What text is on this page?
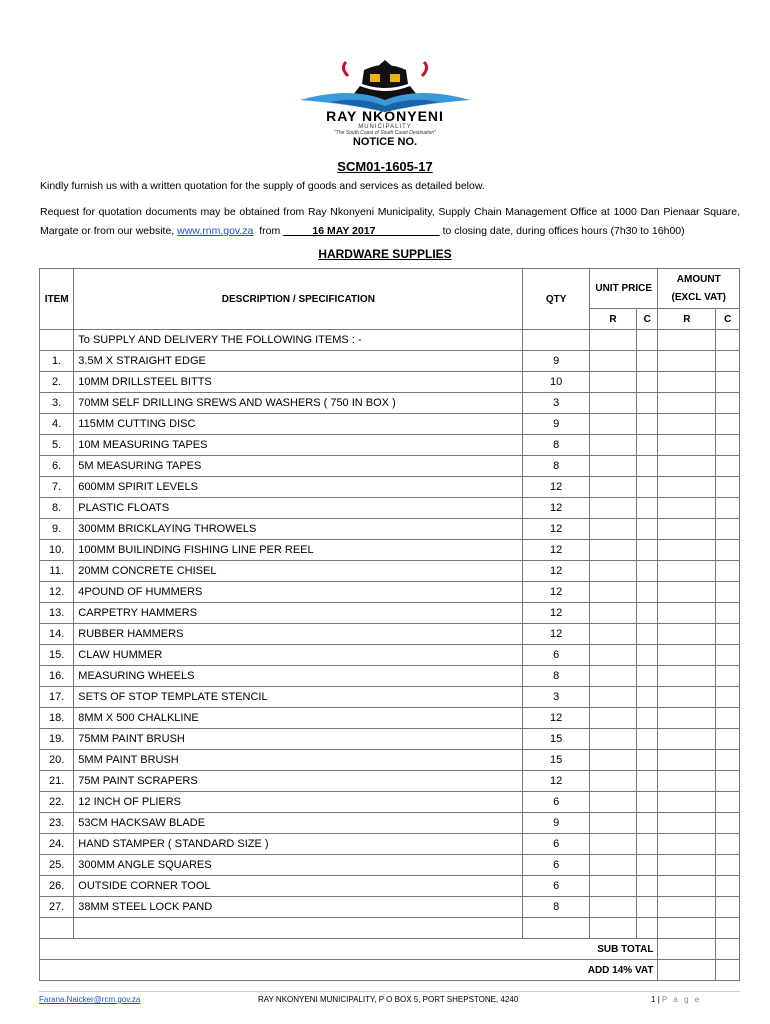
RAY NKONYENI
MUNICIPALITY
"The South Coast of South Coast Destination"
NOTICE NO.
SCM01-1605-17
Kindly furnish us with a written quotation for the supply of goods and services as detailed below.
Request for quotation documents may be obtained from Ray Nkonyeni Municipality, Supply Chain Management Office at 1000 Dan Pienaar Square, Margate or from our website, www.rnm.gov.za from _____16 MAY 2017___________ to closing date, during offices hours (7h30 to 16h00)
HARDWARE SUPPLIES
ITEM	DESCRIPTION / SPECIFICATION	QTY	UNIT PRICE		AMOUNT (EXCL VAT)	
			R	C	R	C
	To SUPPLY AND DELIVERY THE FOLLOWING ITEMS : -					
1.	3.5M X STRAIGHT EDGE	9				
2.	10MM DRILLSTEEL BITTS	10				
3.	70MM SELF DRILLING SREWS AND WASHERS ( 750 IN BOX )	3				
4.	115MM CUTTING DISC	9				
5.	10M MEASURING TAPES	8				
6.	5M MEASURING TAPES	8				
7.	600MM SPIRIT LEVELS	12				
8.	PLASTIC FLOATS	12				
9.	300MM BRICKLAYING THROWELS	12				
10.	100MM BUILINDING FISHING LINE PER REEL	12				
11.	20MM CONCRETE CHISEL	12				
12.	4POUND OF HUMMERS	12				
13.	CARPETRY HAMMERS	12				
14.	RUBBER HAMMERS	12				
15.	CLAW HUMMER	6				
16.	MEASURING WHEELS	8				
17.	SETS OF STOP TEMPLATE STENCIL	3				
18.	8MM X 500 CHALKLINE	12				
19.	75MM PAINT BRUSH	15				
20.	5MM PAINT BRUSH	15				
21.	75M PAINT SCRAPERS	12				
22.	12 INCH OF PLIERS	6				
23.	53CM HACKSAW BLADE	9				
24.	HAND STAMPER ( STANDARD SIZE )	6				
25.	300MM ANGLE SQUARES	6				
26.	OUTSIDE CORNER TOOL	6				
27.	38MM STEEL LOCK PAND	8				

SUB TOTAL						
ADD 14% VAT						
Farana.Naicker@rcm.gov.za	RAY NKONYENI MUNICIPALITY, P O BOX 5, PORT SHEPSTONE, 4240	1 | P a g e
